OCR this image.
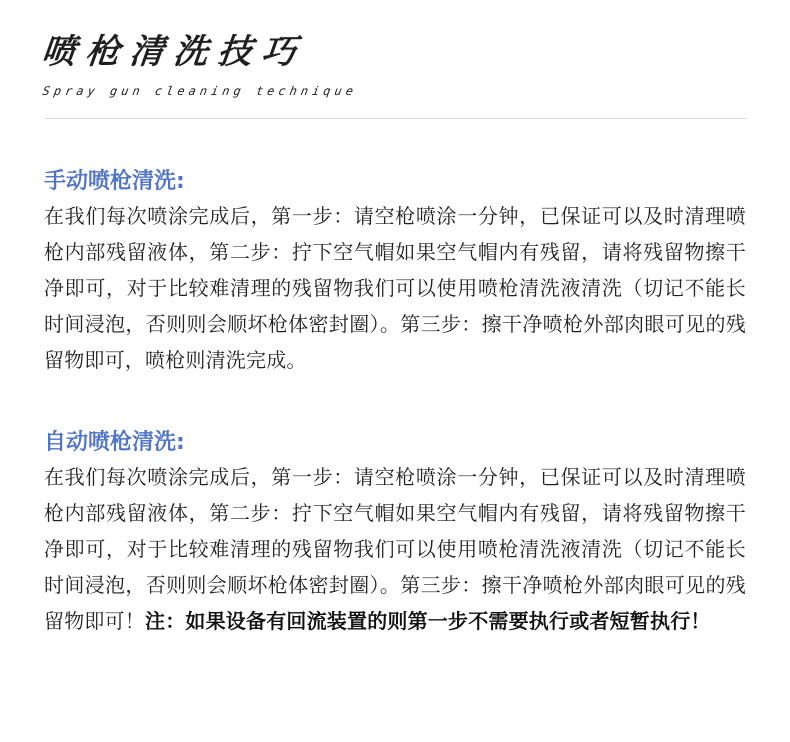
喷枪清洗技巧
Spray gun cleaning technique
手动喷枪清洗:

在我们每次喷涂完成后，第一步：请空枪喷涂一分钟，已保证可以及时清理喷枪内部残留液体，第二步：拧下空气帽如果空气帽内有残留，请将残留物擦干净即可，对于比较难清理的残留物我们可以使用喷枪清洗液清洗（切记不能长时间浸泡，否则则会顺坏枪体密封圈）。第三步：擦干净喷枪外部肉眼可见的残留物即可，喷枪则清洗完成。

自动喷枪清洗:

在我们每次喷涂完成后，第一步：请空枪喷涂一分钟，已保证可以及时清理喷枪内部残留液体，第二步：拧下空气帽如果空气帽内有残留，请将残留物擦干净即可，对于比较难清理的残留物我们可以使用喷枪清洗液清洗（切记不能长时间浸泡，否则则会顺坏枪体密封圈）。第三步：擦干净喷枪外部肉眼可见的残留物即可！注：如果设备有回流装置的则第一步不需要执行或者短暂执行！
